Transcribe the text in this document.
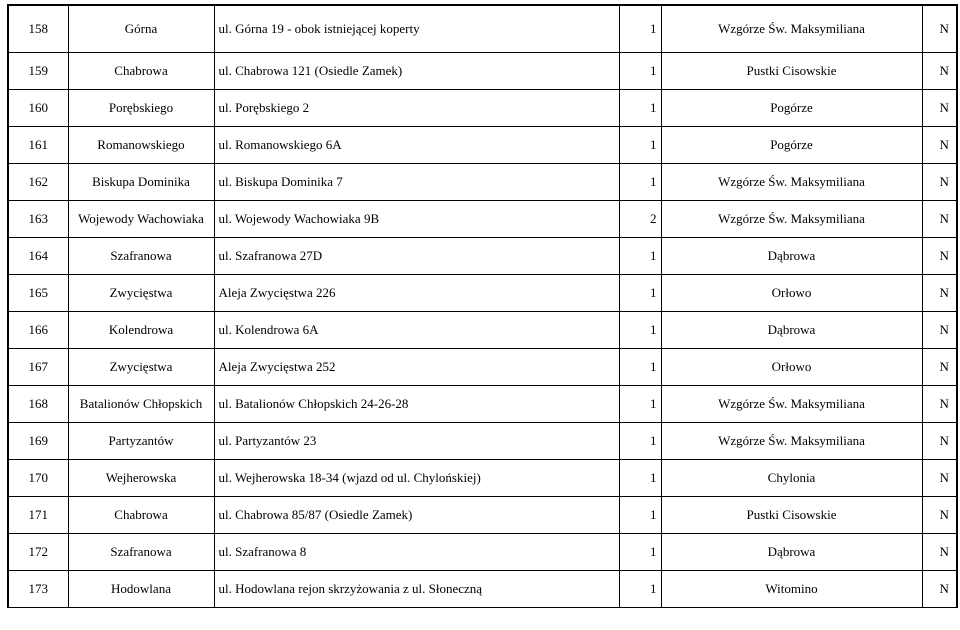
158	Górna	ul. Górna 19 - obok istniejącej koperty	1	Wzgórze Św. Maksymiliana	N
159	Chabrowa	ul. Chabrowa 121 (Osiedle Zamek)	1	Pustki Cisowskie	N
160	Porębskiego	ul. Porębskiego 2	1	Pogórze	N
161	Romanowskiego	ul. Romanowskiego 6A	1	Pogórze	N
162	Biskupa Dominika	ul. Biskupa Dominika 7	1	Wzgórze Św. Maksymiliana	N
163	Wojewody Wachowiaka	ul. Wojewody Wachowiaka 9B	2	Wzgórze Św. Maksymiliana	N
164	Szafranowa	ul. Szafranowa 27D	1	Dąbrowa	N
165	Zwycięstwa	Aleja Zwycięstwa 226	1	Orłowo	N
166	Kolendrowa	ul. Kolendrowa 6A	1	Dąbrowa	N
167	Zwycięstwa	Aleja Zwycięstwa 252	1	Orłowo	N
168	Batalionów Chłopskich	ul. Batalionów Chłopskich 24-26-28	1	Wzgórze Św. Maksymiliana	N
169	Partyzantów	ul. Partyzantów 23	1	Wzgórze Św. Maksymiliana	N
170	Wejherowska	ul. Wejherowska 18-34 (wjazd od ul. Chylońskiej)	1	Chylonia	N
171	Chabrowa	ul. Chabrowa 85/87 (Osiedle Zamek)	1	Pustki Cisowskie	N
172	Szafranowa	ul. Szafranowa 8	1	Dąbrowa	N
173	Hodowlana	ul. Hodowlana rejon skrzyżowania z ul. Słoneczną	1	Witomino	N
